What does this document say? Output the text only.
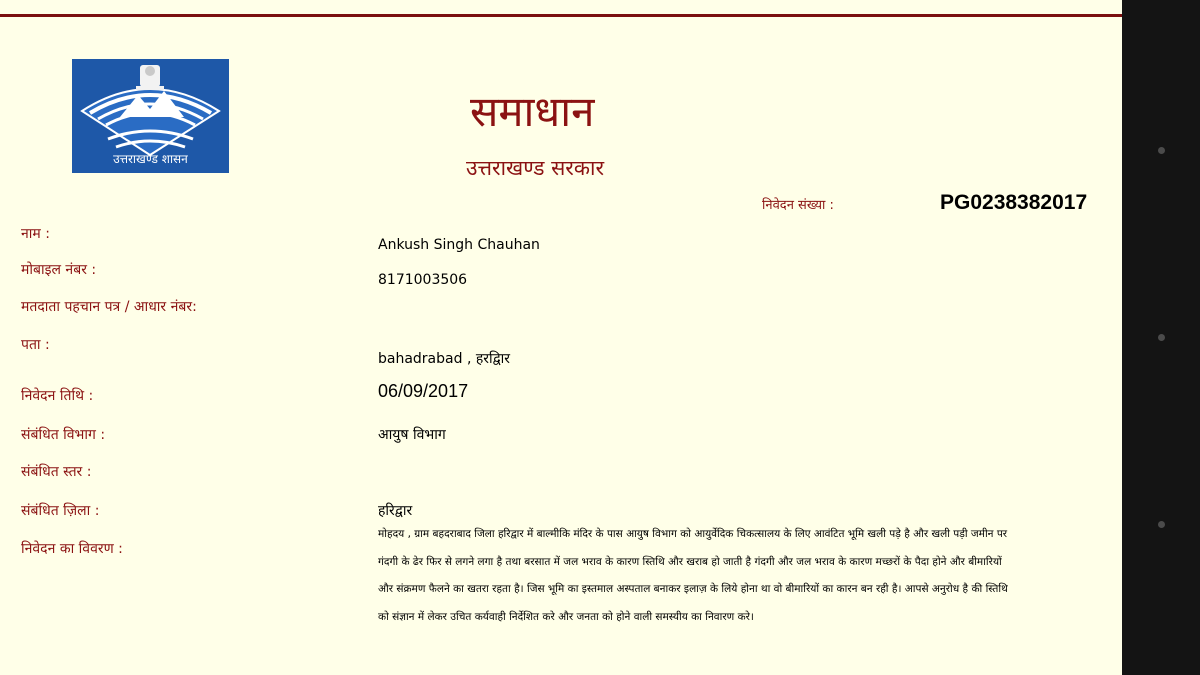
उत्तराखण्ड शासन
समाधान
उत्तराखण्ड सरकार
निवेदन संख्या :	PG0238382017
नाम :
Ankush Singh Chauhan
मोबाइल नंबर :
8171003506
मतदाता पहचान पत्र / आधार नंबर:
पता :
bahadrabad , हरद्विार
निवेदन तिथि :	06/09/2017
संबंधित विभाग :	आयुष विभाग
संबंधित स्तर :
संबंधित ज़िला :	हरिद्वार
निवेदन का विवरण :
मोहदय , ग्राम बहदराबाद जिला हरिद्वार में बाल्मीकि मंदिर के पास आयुष विभाग को आयुर्वेदिक चिकत्सालय के लिए आवंटित भूमि खली पड़े है और खली पड़ी जमीन पर गंदगी के ढेर फिर से लगने लगा है तथा बरसात में जल भराव के कारण स्तिथि और खराब हो जाती है गंदगी और जल भराव के कारण मच्छरों के पैदा होने और बीमारियों और संक्रमण फैलने का खतरा रहता है। जिस भूमि का इस्तमाल अस्पताल बनाकर इलाज़ के लिये होना था वो बीमारियों का कारन बन रही है। आपसे अनुरोध है की स्तिथि को संज्ञान में लेकर उचित कर्यवाही निर्देशित करे और जनता को होने वाली समस्यीय का निवारण करे।
